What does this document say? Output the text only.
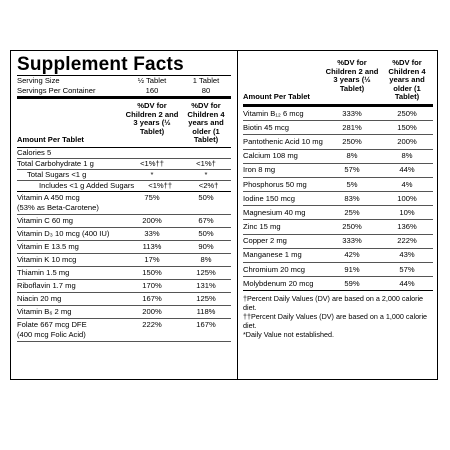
Supplement Facts
Serving Size	½ Tablet	1 Tablet
Servings Per Container	160	80
Amount Per Tablet
%DV for Children 2 and 3 years (½ Tablet)
%DV for Children 4 years and older (1 Tablet)
Calories 5
Total Carbohydrate 1 g	<1%††	<1%†
Total Sugars <1 g	*	*
Includes <1 g Added Sugars	<1%††	<2%†
Vitamin A 450 mcg
(53% as Beta-Carotene)
75%	50%
Vitamin C 60 mg	200%	67%
Vitamin D₃ 10 mcg (400 IU)	33%	50%
Vitamin E 13.5 mg	113%	90%
Vitamin K 10 mcg	17%	8%
Thiamin 1.5 mg	150%	125%
Riboflavin 1.7 mg	170%	131%
Niacin 20 mg	167%	125%
Vitamin B₆ 2 mg	200%	118%
Folate 667 mcg DFE
(400 mcg Folic Acid)
222%	167%
Amount Per Tablet
%DV for Children 2 and 3 years (½ Tablet)
%DV for Children 4 years and older (1 Tablet)
Vitamin B₁₂ 6 mcg	333%	250%
Biotin 45 mcg	281%	150%
Pantothenic Acid 10 mg	250%	200%
Calcium 108 mg	8%	8%
Iron 8 mg	57%	44%
Phosphorus 50 mg	5%	4%
Iodine 150 mcg	83%	100%
Magnesium 40 mg	25%	10%
Zinc 15 mg	250%	136%
Copper 2 mg	333%	222%
Manganese 1 mg	42%	43%
Chromium 20 mcg	91%	57%
Molybdenum 20 mcg	59%	44%
†Percent Daily Values (DV) are based on a 2,000 calorie diet.
††Percent Daily Values (DV) are based on a 1,000 calorie diet.
*Daily Value not established.
